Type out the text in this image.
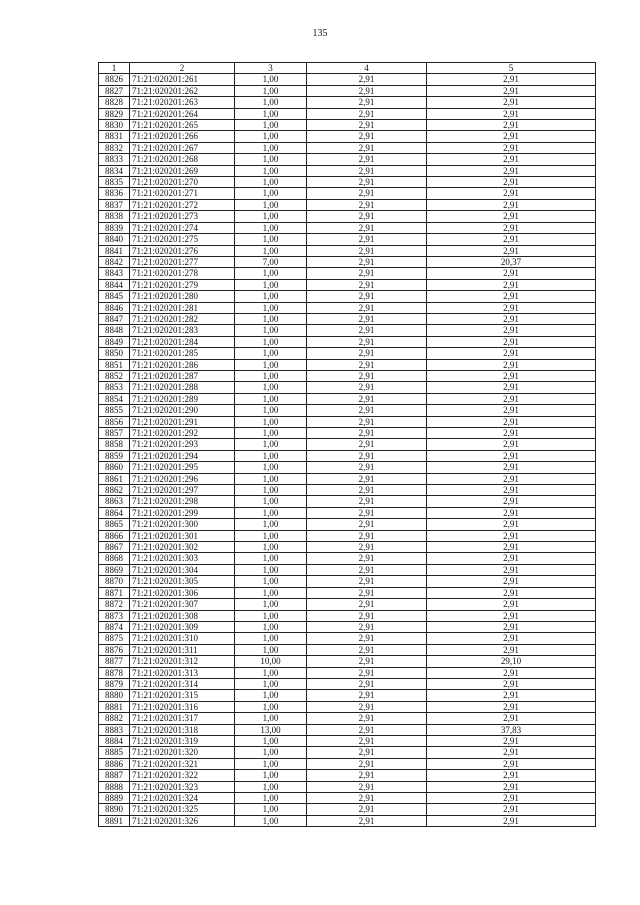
135
1	2	3	4	5
8826	71:21:020201:261	1,00	2,91	2,91
8827	71:21:020201:262	1,00	2,91	2,91
8828	71:21:020201:263	1,00	2,91	2,91
8829	71:21:020201:264	1,00	2,91	2,91
8830	71:21:020201:265	1,00	2,91	2,91
8831	71:21:020201:266	1,00	2,91	2,91
8832	71:21:020201:267	1,00	2,91	2,91
8833	71:21:020201:268	1,00	2,91	2,91
8834	71:21:020201:269	1,00	2,91	2,91
8835	71:21:020201:270	1,00	2,91	2,91
8836	71:21:020201:271	1,00	2,91	2,91
8837	71:21:020201:272	1,00	2,91	2,91
8838	71:21:020201:273	1,00	2,91	2,91
8839	71:21:020201:274	1,00	2,91	2,91
8840	71:21:020201:275	1,00	2,91	2,91
8841	71:21:020201:276	1,00	2,91	2,91
8842	71:21:020201:277	7,00	2,91	20,37
8843	71:21:020201:278	1,00	2,91	2,91
8844	71:21:020201:279	1,00	2,91	2,91
8845	71:21:020201:280	1,00	2,91	2,91
8846	71:21:020201:281	1,00	2,91	2,91
8847	71:21:020201:282	1,00	2,91	2,91
8848	71:21:020201:283	1,00	2,91	2,91
8849	71:21:020201:284	1,00	2,91	2,91
8850	71:21:020201:285	1,00	2,91	2,91
8851	71:21:020201:286	1,00	2,91	2,91
8852	71:21:020201:287	1,00	2,91	2,91
8853	71:21:020201:288	1,00	2,91	2,91
8854	71:21:020201:289	1,00	2,91	2,91
8855	71:21:020201:290	1,00	2,91	2,91
8856	71:21:020201:291	1,00	2,91	2,91
8857	71:21:020201:292	1,00	2,91	2,91
8858	71:21:020201:293	1,00	2,91	2,91
8859	71:21:020201:294	1,00	2,91	2,91
8860	71:21:020201:295	1,00	2,91	2,91
8861	71:21:020201:296	1,00	2,91	2,91
8862	71:21:020201:297	1,00	2,91	2,91
8863	71:21:020201:298	1,00	2,91	2,91
8864	71:21:020201:299	1,00	2,91	2,91
8865	71:21:020201:300	1,00	2,91	2,91
8866	71:21:020201:301	1,00	2,91	2,91
8867	71:21:020201:302	1,00	2,91	2,91
8868	71:21:020201:303	1,00	2,91	2,91
8869	71:21:020201:304	1,00	2,91	2,91
8870	71:21:020201:305	1,00	2,91	2,91
8871	71:21:020201:306	1,00	2,91	2,91
8872	71:21:020201:307	1,00	2,91	2,91
8873	71:21:020201:308	1,00	2,91	2,91
8874	71:21:020201:309	1,00	2,91	2,91
8875	71:21:020201:310	1,00	2,91	2,91
8876	71:21:020201:311	1,00	2,91	2,91
8877	71:21:020201:312	10,00	2,91	29,10
8878	71:21:020201:313	1,00	2,91	2,91
8879	71:21:020201:314	1,00	2,91	2,91
8880	71:21:020201:315	1,00	2,91	2,91
8881	71:21:020201:316	1,00	2,91	2,91
8882	71:21:020201:317	1,00	2,91	2,91
8883	71:21:020201:318	13,00	2,91	37,83
8884	71:21:020201:319	1,00	2,91	2,91
8885	71:21:020201:320	1,00	2,91	2,91
8886	71:21:020201:321	1,00	2,91	2,91
8887	71:21:020201:322	1,00	2,91	2,91
8888	71:21:020201:323	1,00	2,91	2,91
8889	71:21:020201:324	1,00	2,91	2,91
8890	71:21:020201:325	1,00	2,91	2,91
8891	71:21:020201:326	1,00	2,91	2,91
